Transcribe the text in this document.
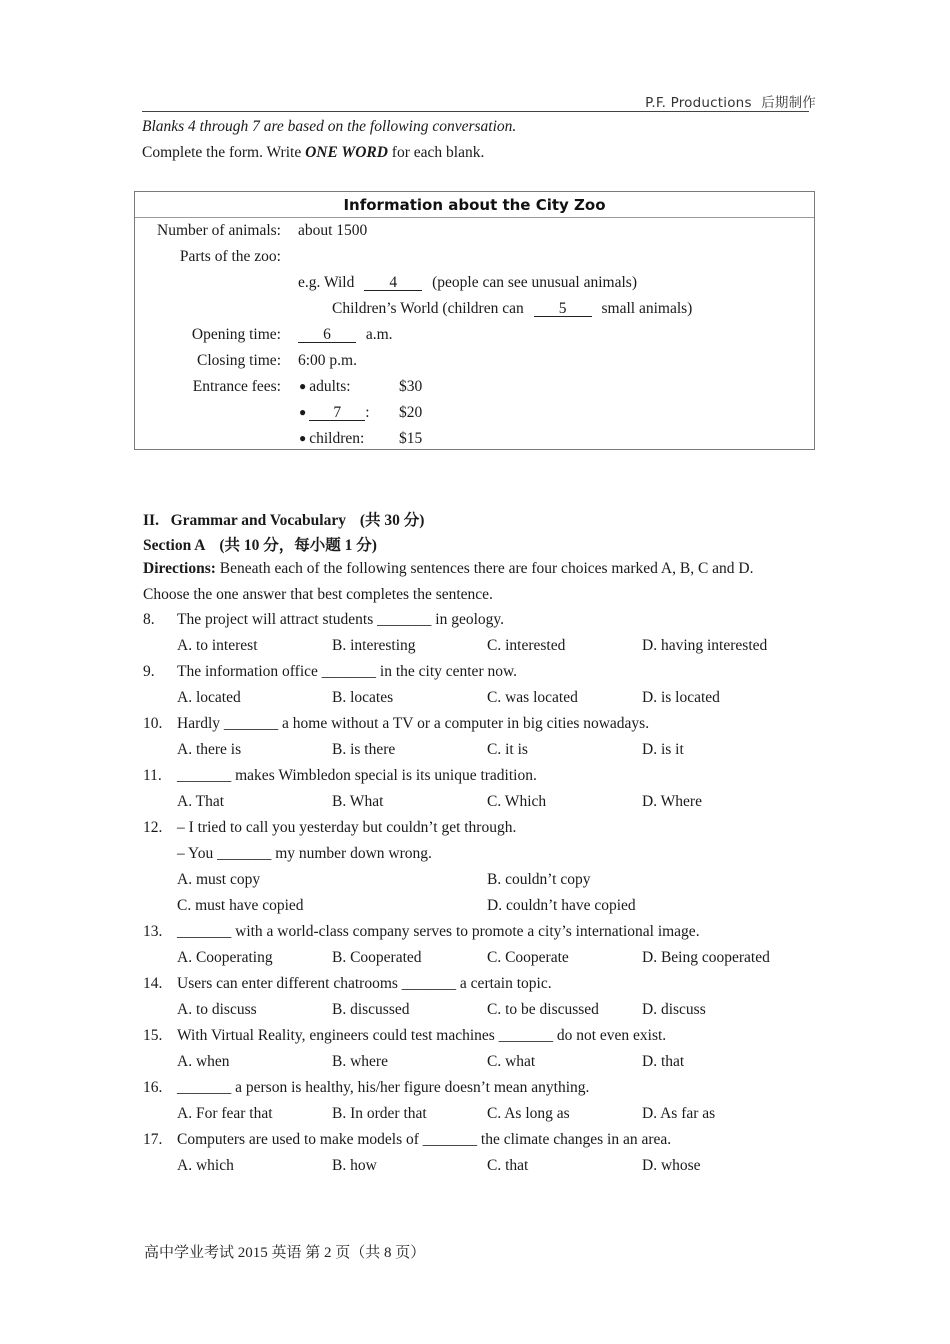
P.F. Productions 后期制作
Blanks 4 through 7 are based on the following conversation.
Complete the form. Write ONE WORD for each blank.
Information about the City Zoo
Number of animals: about 1500
Parts of the zoo:
e.g. Wild 4 (people can see unusual animals)
Children’s World (children can 5 small animals)
Opening time:	6 a.m.
Closing time: 6:00 p.m.
Entrance fees: ● adults:	$30
● 7 : $20
● children: $15
II.   Grammar and Vocabulary (共 30 分)
Section A (共 10 分，每小题 1 分)
Directions: Beneath each of the following sentences there are four choices marked A, B, C and D.
Choose the one answer that best completes the sentence.
8. The project will attract students _______ in geology.
A. to interest	B. interesting	C. interested	D. having interested
9. The information office _______ in the city center now.
A. located	B. locates	C. was located	D. is located
10. Hardly _______ a home without a TV or a computer in big cities nowadays.
A. there is	B. is there	C. it is	D. is it
11. _______ makes Wimbledon special is its unique tradition.
A. That	B. What	C. Which	D. Where
12. – I tried to call you yesterday but couldn’t get through.
– You _______ my number down wrong.
A. must copy	B. couldn’t copy
C. must have copied	D. couldn’t have copied
13. _______ with a world-class company serves to promote a city’s international image.
A. Cooperating	B. Cooperated	C. Cooperate	D. Being cooperated
14. Users can enter different chatrooms _______ a certain topic.
A. to discuss	B. discussed	C. to be discussed	D. discuss
15. With Virtual Reality, engineers could test machines _______ do not even exist.
A. when	B. where	C. what	D. that
16. _______ a person is healthy, his/her figure doesn’t mean anything.
A. For fear that	B. In order that	C. As long as	D. As far as
17. Computers are used to make models of _______ the climate changes in an area.
A. which	B. how	C. that	D. whose
高中学业考试 2015 英语 第 2 页（共 8 页）
